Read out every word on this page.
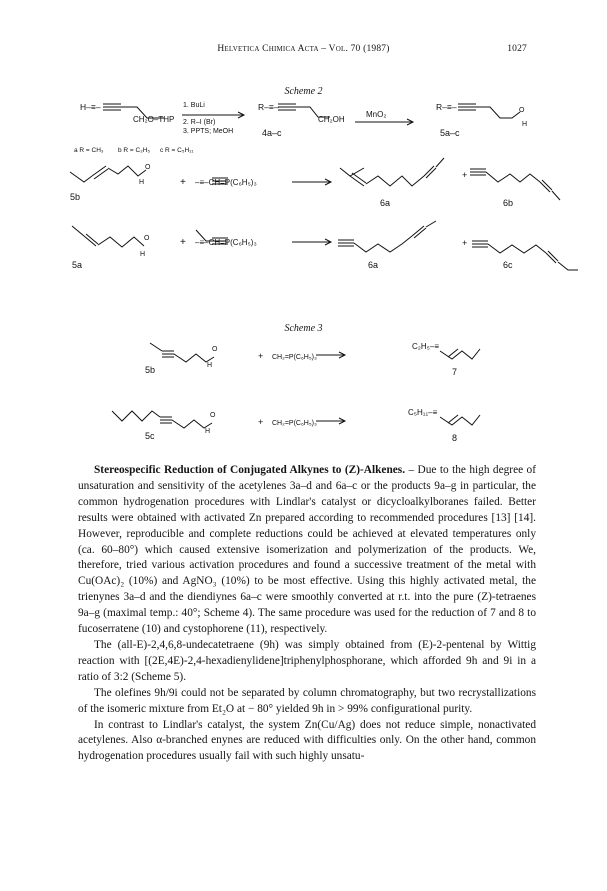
Helvetica Chimica Acta – Vol. 70 (1987)	1027
Scheme 2
H–≡–
CH₂O–THP
1. BuLi
2. R–I (Br)
3. PPTS; MeOH
R–≡–
CH₂OH
4a–c
MnO₂
R–≡–	O
H
5a–c
a R = CH₃ b R = C₂H₅ c R = C₅H₁₁
O
H
5b
+ –≡–CH=P(C₆H₅)₃
6a
+
6b
O
H
5a
+ –≡–CH=P(C₆H₅)₃
6a
+
6c
Scheme 3
O
H
5b
+ CH₂=P(C₆H₅)₃
C₂H₅–≡
7
O
H
5c
+ CH₂=P(C₆H₅)₃
C₅H₁₁–≡
8

Stereospecific Reduction of Conjugated Alkynes to (Z)-Alkenes. – Due to the high degree of unsaturation and sensitivity of the acetylenes 3a–d and 6a–c or the products 9a–g in particular, the common hydrogenation procedures with Lindlar's catalyst or dicycloalkylboranes failed. Better results were obtained with activated Zn prepared according to recommended procedures [13] [14]. However, reproducible and complete reductions could be achieved at elevated temperatures only (ca. 60–80°) which caused extensive isomerization and polymerization of the products. We, therefore, tried various activation procedures and found a successive treatment of the metal with Cu(OAc)₂ (10%) and AgNO₃ (10%) to be most effective. Using this highly activated metal, the trienynes 3a–d and the diendiynes 6a–c were smoothly converted at r.t. into the pure (Z)-tetraenes 9a–g (maximal temp.: 40°; Scheme 4). The same procedure was used for the reduction of 7 and 8 to fucoserratene (10) and cystophorene (11), respectively.

The (all-E)-2,4,6,8-undecatetraene (9h) was simply obtained from (E)-2-pentenal by Wittig reaction with [(2E,4E)-2,4-hexadienylidene]triphenylphosphorane, which afforded 9h and 9i in a ratio of 3:2 (Scheme 5).

The olefines 9h/9i could not be separated by column chromatography, but two recrystallizations of the isomeric mixture from Et₂O at − 80° yielded 9h in > 99% configurational purity.

In contrast to Lindlar's catalyst, the system Zn(Cu/Ag) does not reduce simple, nonactivated acetylenes. Also α-branched enynes are reduced with difficulties only. On the other hand, common hydrogenation procedures usually fail with such highly unsatu-
